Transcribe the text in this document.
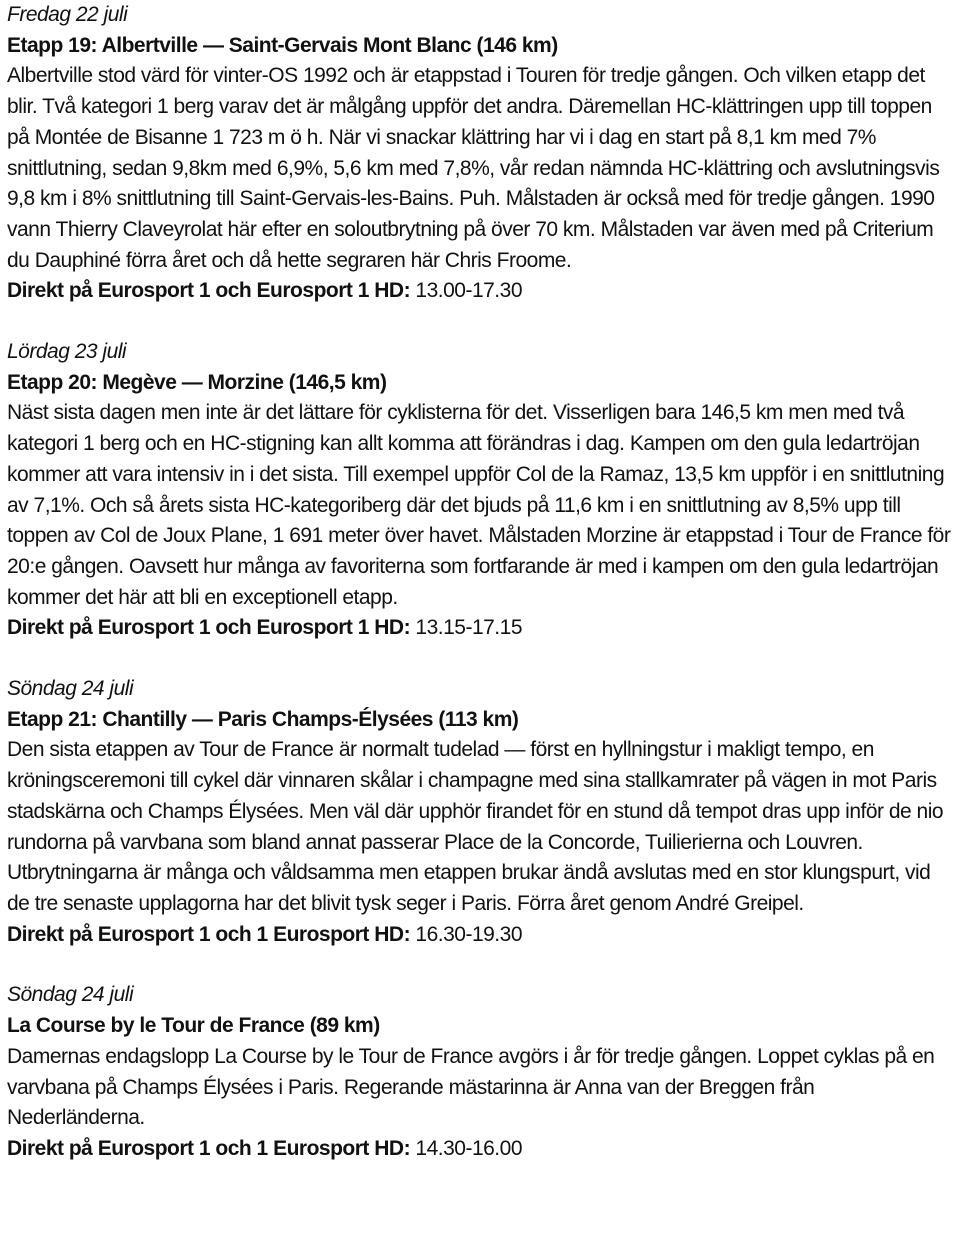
Fredag 22 juli

Etapp 19: Albertville — Saint-Gervais Mont Blanc (146 km)

Albertville stod värd för vinter-OS 1992 och är etappstad i Touren för tredje gången. Och vilken etapp det blir. Två kategori 1 berg varav det är målgång uppför det andra. Däremellan HC-klättringen upp till toppen på Montée de Bisanne 1 723 m ö h. När vi snackar klättring har vi i dag en start på 8,1 km med 7% snittlutning, sedan 9,8km med 6,9%, 5,6 km med 7,8%, vår redan nämnda HC-klättring och avslutningsvis 9,8 km i 8% snittlutning till Saint-Gervais-les-Bains. Puh. Målstaden är också med för tredje gången. 1990 vann Thierry Claveyrolat här efter en soloutbrytning på över 70 km. Målstaden var även med på Criterium du Dauphiné förra året och då hette segraren här Chris Froome.

Direkt på Eurosport 1 och Eurosport 1 HD: 13.00-17.30

Lördag 23 juli

Etapp 20: Megève — Morzine (146,5 km)

Näst sista dagen men inte är det lättare för cyklisterna för det. Visserligen bara 146,5 km men med två kategori 1 berg och en HC-stigning kan allt komma att förändras i dag. Kampen om den gula ledartröjan kommer att vara intensiv in i det sista. Till exempel uppför Col de la Ramaz, 13,5 km uppför i en snittlutning av 7,1%. Och så årets sista HC-kategoriberg där det bjuds på 11,6 km i en snittlutning av 8,5% upp till toppen av Col de Joux Plane, 1 691 meter över havet. Målstaden Morzine är etappstad i Tour de France för 20:e gången. Oavsett hur många av favoriterna som fortfarande är med i kampen om den gula ledartröjan kommer det här att bli en exceptionell etapp.

Direkt på Eurosport 1 och Eurosport 1 HD: 13.15-17.15

Söndag 24 juli

Etapp 21: Chantilly — Paris Champs-Élysées (113 km)

Den sista etappen av Tour de France är normalt tudelad — först en hyllningstur i makligt tempo, en kröningsceremoni till cykel där vinnaren skålar i champagne med sina stallkamrater på vägen in mot Paris stadskärna och Champs Élysées. Men väl där upphör firandet för en stund då tempot dras upp inför de nio rundorna på varvbana som bland annat passerar Place de la Concorde, Tuilierierna och Louvren. Utbrytningarna är många och våldsamma men etappen brukar ändå avslutas med en stor klungspurt, vid de tre senaste upplagorna har det blivit tysk seger i Paris. Förra året genom André Greipel.

Direkt på Eurosport 1 och 1 Eurosport HD: 16.30-19.30

Söndag 24 juli

La Course by le Tour de France (89 km)

Damernas endagslopp La Course by le Tour de France avgörs i år för tredje gången. Loppet cyklas på en varvbana på Champs Élysées i Paris. Regerande mästarinna är Anna van der Breggen från Nederländerna.

Direkt på Eurosport 1 och 1 Eurosport HD: 14.30-16.00
